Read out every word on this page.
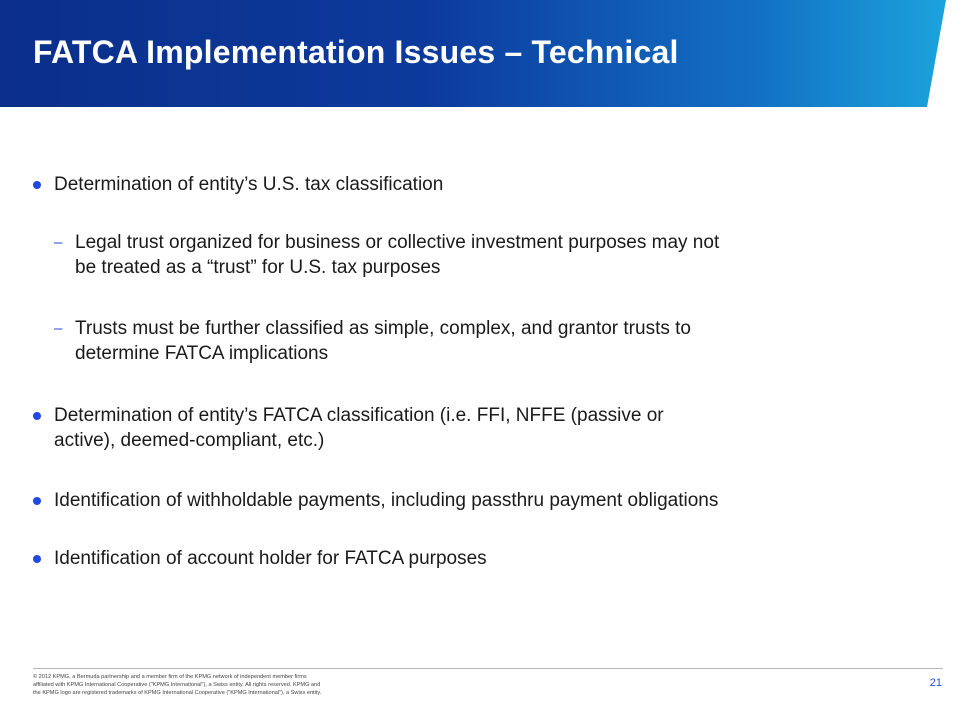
FATCA Implementation Issues – Technical
Determination of entity’s U.S. tax classification
– Legal trust organized for business or collective investment purposes may not
be treated as a “trust” for U.S. tax purposes
– Trusts must be further classified as simple, complex, and grantor trusts to
determine FATCA implications
Determination of entity’s FATCA classification (i.e. FFI, NFFE (passive or
active), deemed-compliant, etc.)
Identification of withholdable payments, including passthru payment obligations
Identification of account holder for FATCA purposes
© 2012 KPMG, a Bermuda partnership and a member firm of the KPMG network of independent member firms
affiliated with KPMG International Cooperative ("KPMG International"), a Swiss entity. All rights reserved. KPMG and
the KPMG logo are registered trademarks of KPMG International Cooperative ("KPMG International"), a Swiss entity.
21
